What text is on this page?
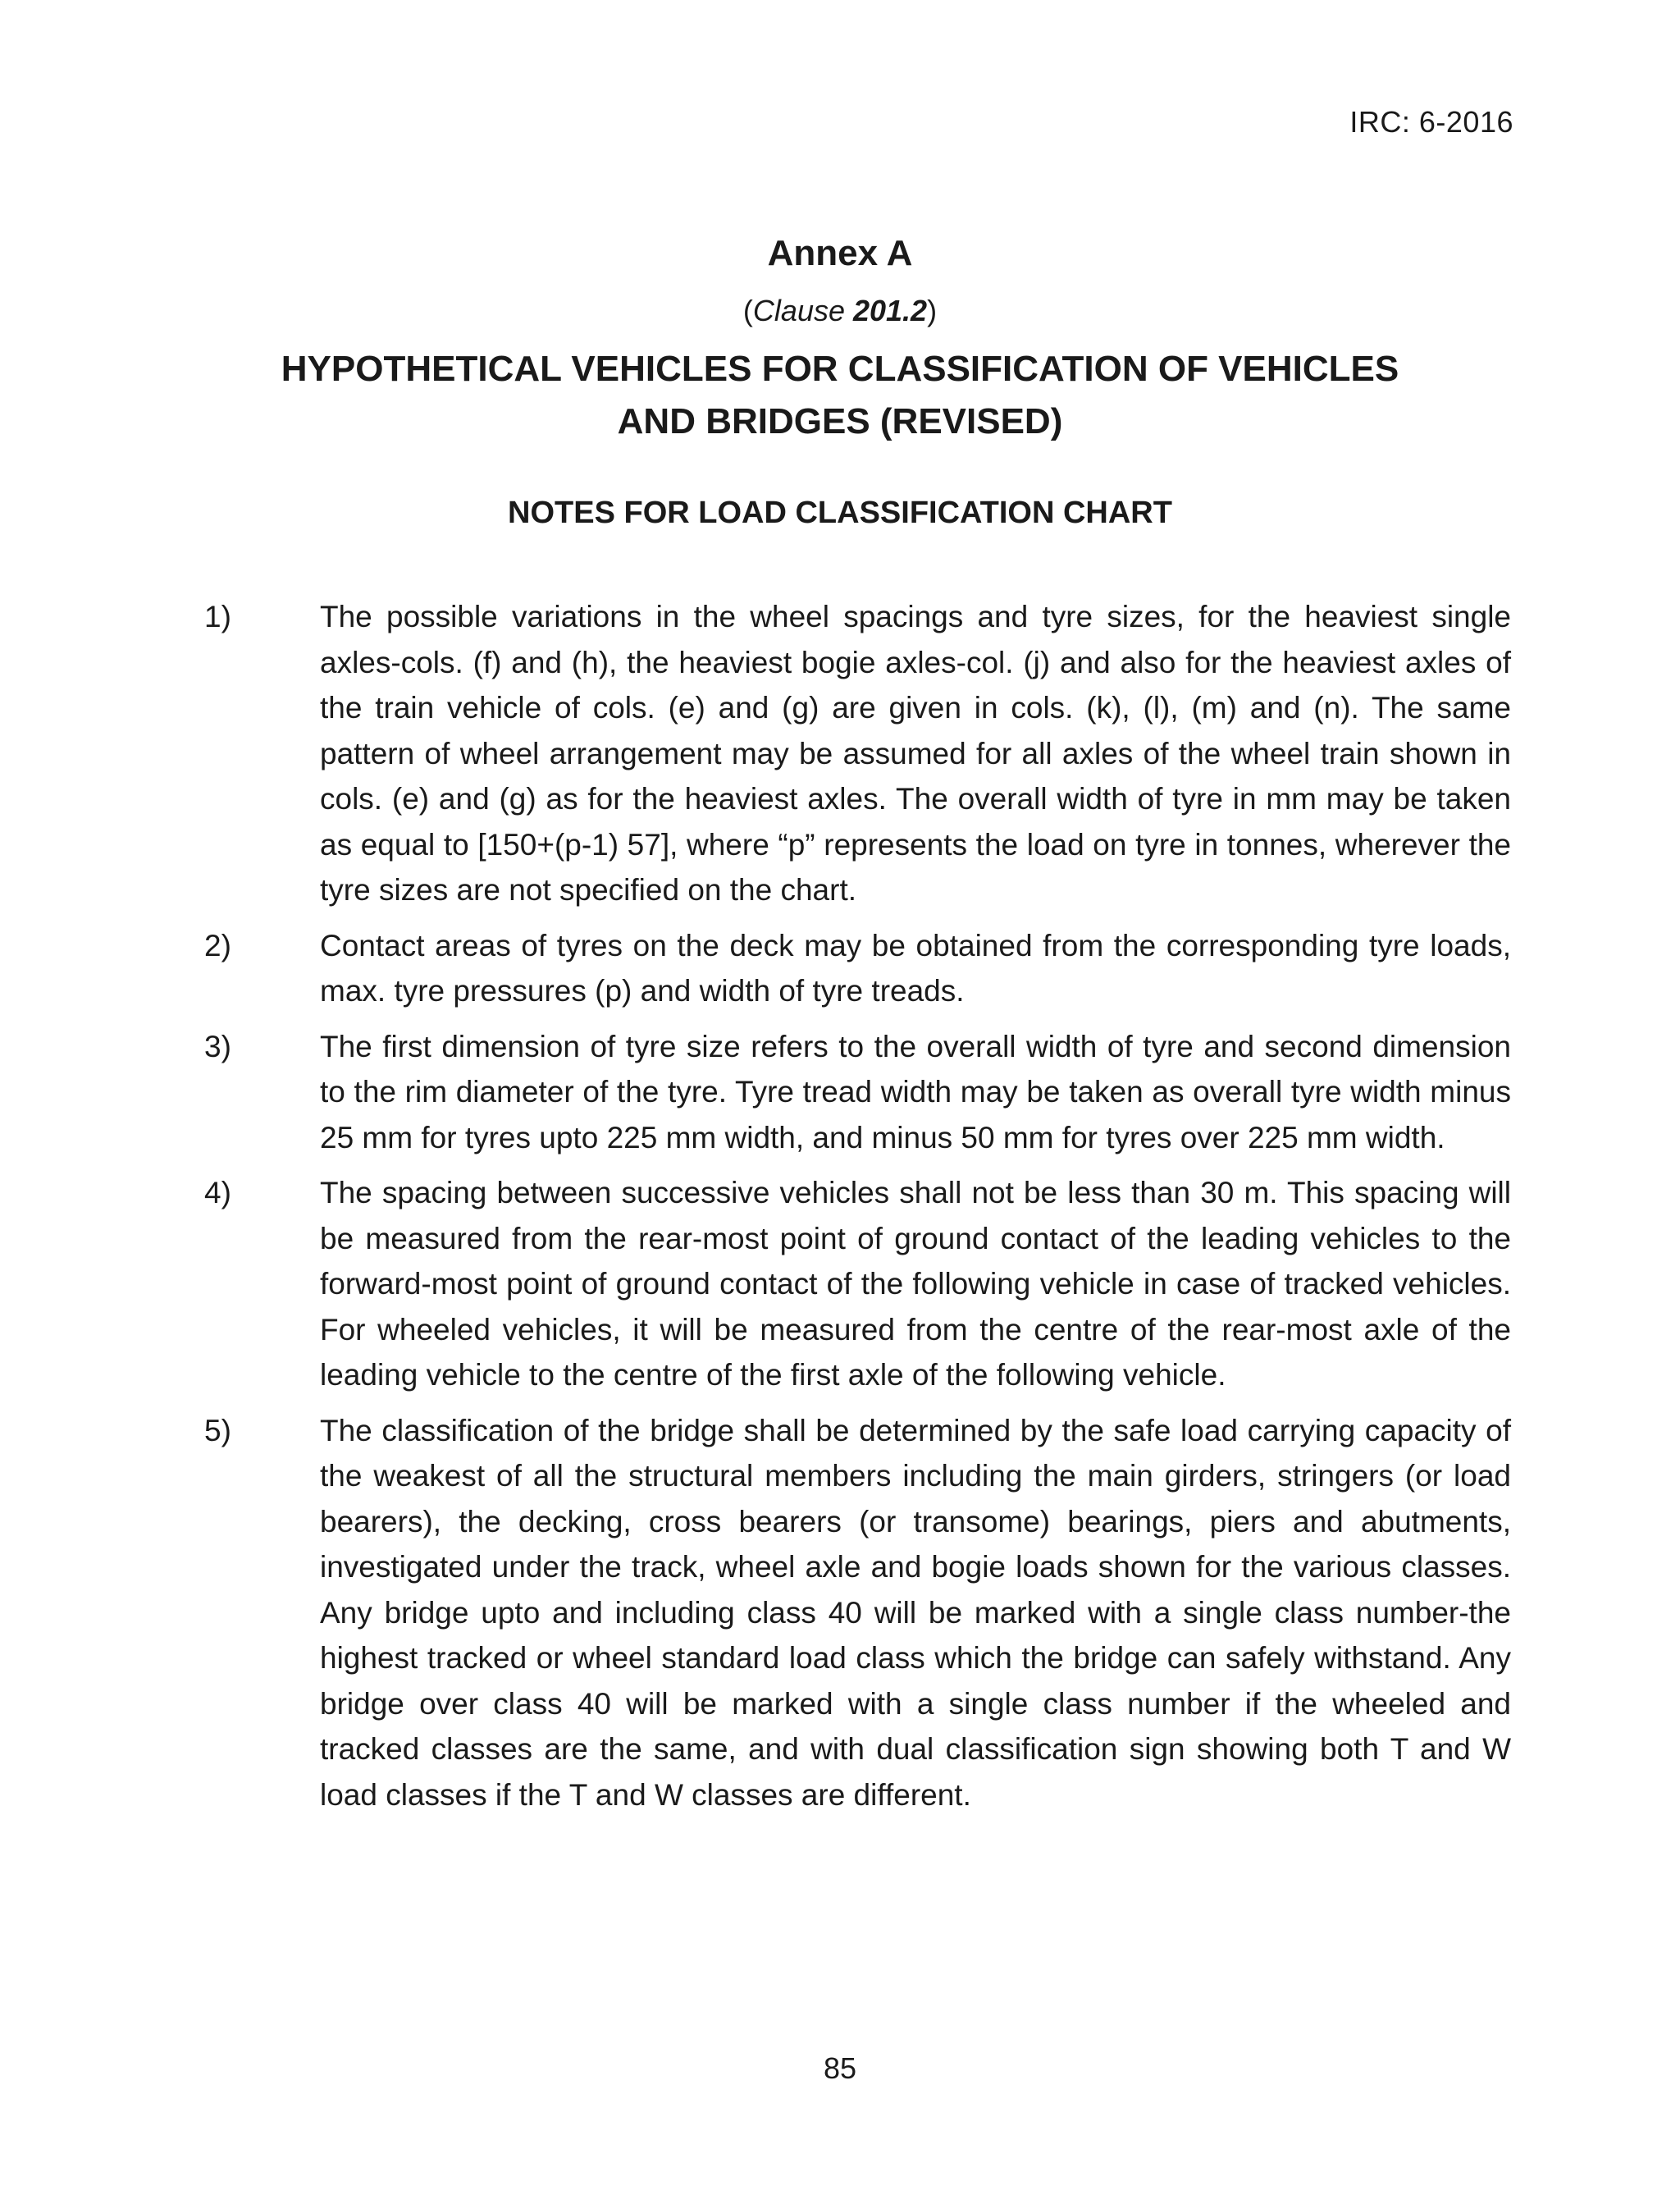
IRC: 6-2016
Annex A
(Clause 201.2)
HYPOTHETICAL VEHICLES FOR CLASSIFICATION OF VEHICLES
AND BRIDGES (REVISED)
NOTES FOR LOAD CLASSIFICATION CHART
1)	The possible variations in the wheel spacings and tyre sizes, for the heaviest single axles-cols. (f) and (h), the heaviest bogie axles-col. (j) and also for the heaviest axles of the train vehicle of cols. (e) and (g) are given in cols. (k), (l), (m) and (n). The same pattern of wheel arrangement may be assumed for all axles of the wheel train shown in cols. (e) and (g) as for the heaviest axles. The overall width of tyre in mm may be taken as equal to [150+(p-1) 57], where “p” represents the load on tyre in tonnes, wherever the tyre sizes are not specified on the chart.
2)	Contact areas of tyres on the deck may be obtained from the corresponding tyre loads, max. tyre pressures (p) and width of tyre treads.
3)	The first dimension of tyre size refers to the overall width of tyre and second dimension to the rim diameter of the tyre. Tyre tread width may be taken as overall tyre width minus 25 mm for tyres upto 225 mm width, and minus 50 mm for tyres over 225 mm width.
4)	The spacing between successive vehicles shall not be less than 30 m. This spacing will be measured from the rear-most point of ground contact of the leading vehicles to the forward-most point of ground contact of the following vehicle in case of tracked vehicles. For wheeled vehicles, it will be measured from the centre of the rear-most axle of the leading vehicle to the centre of the first axle of the following vehicle.
5)	The classification of the bridge shall be determined by the safe load carrying capacity of the weakest of all the structural members including the main girders, stringers (or load bearers), the decking, cross bearers (or transome) bearings, piers and abutments, investigated under the track, wheel axle and bogie loads shown for the various classes. Any bridge upto and including class 40 will be marked with a single class number-the highest tracked or wheel standard load class which the bridge can safely withstand. Any bridge over class 40 will be marked with a single class number if the wheeled and tracked classes are the same, and with dual classification sign showing both T and W load classes if the T and W classes are different.
85
